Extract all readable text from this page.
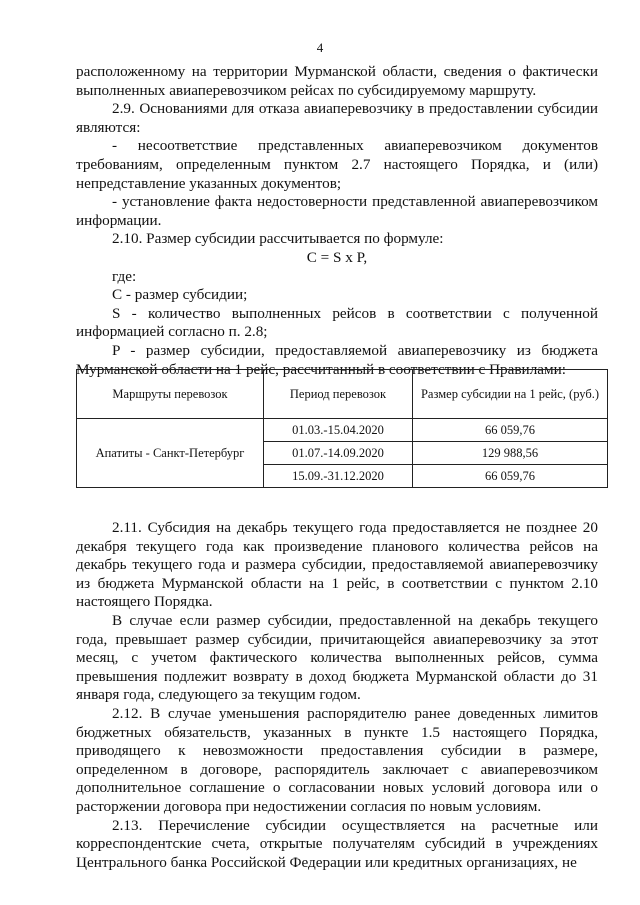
4

расположенному на территории Мурманской области, сведения о фактически выполненных авиаперевозчиком рейсах по субсидируемому маршруту.

2.9. Основаниями для отказа авиаперевозчику в предоставлении субсидии являются:

- несоответствие представленных авиаперевозчиком документов требованиям, определенным пунктом 2.7 настоящего Порядка, и (или) непредставление указанных документов;

- установление факта недостоверности представленной авиаперевозчиком информации.

2.10. Размер субсидии рассчитывается по формуле:

C = S x P,

где:

C - размер субсидии;

S - количество выполненных рейсов в соответствии с полученной информацией согласно п. 2.8;

P - размер субсидии, предоставляемой авиаперевозчику из бюджета Мурманской области на 1 рейс, рассчитанный в соответствии с Правилами:

Маршруты перевозок	Период перевозок	Размер субсидии на 1 рейс, (руб.)
Апатиты - Санкт-Петербург	01.03.-15.04.2020	66 059,76
	01.07.-14.09.2020	129 988,56
	15.09.-31.12.2020	66 059,76

2.11. Субсидия на декабрь текущего года предоставляется не позднее 20 декабря текущего года как произведение планового количества рейсов на декабрь текущего года и размера субсидии, предоставляемой авиаперевозчику из бюджета Мурманской области на 1 рейс, в соответствии с пунктом 2.10 настоящего Порядка.

В случае если размер субсидии, предоставленной на декабрь текущего года, превышает размер субсидии, причитающейся авиаперевозчику за этот месяц, с учетом фактического количества выполненных рейсов, сумма превышения подлежит возврату в доход бюджета Мурманской области до 31 января года, следующего за текущим годом.

2.12. В случае уменьшения распорядителю ранее доведенных лимитов бюджетных обязательств, указанных в пункте 1.5 настоящего Порядка, приводящего к невозможности предоставления субсидии в размере, определенном в договоре, распорядитель заключает с авиаперевозчиком дополнительное соглашение о согласовании новых условий договора или о расторжении договора при недостижении согласия по новым условиям.

2.13. Перечисление субсидии осуществляется на расчетные или корреспондентские счета, открытые получателям субсидий в учреждениях Центрального банка Российской Федерации или кредитных организациях, не
